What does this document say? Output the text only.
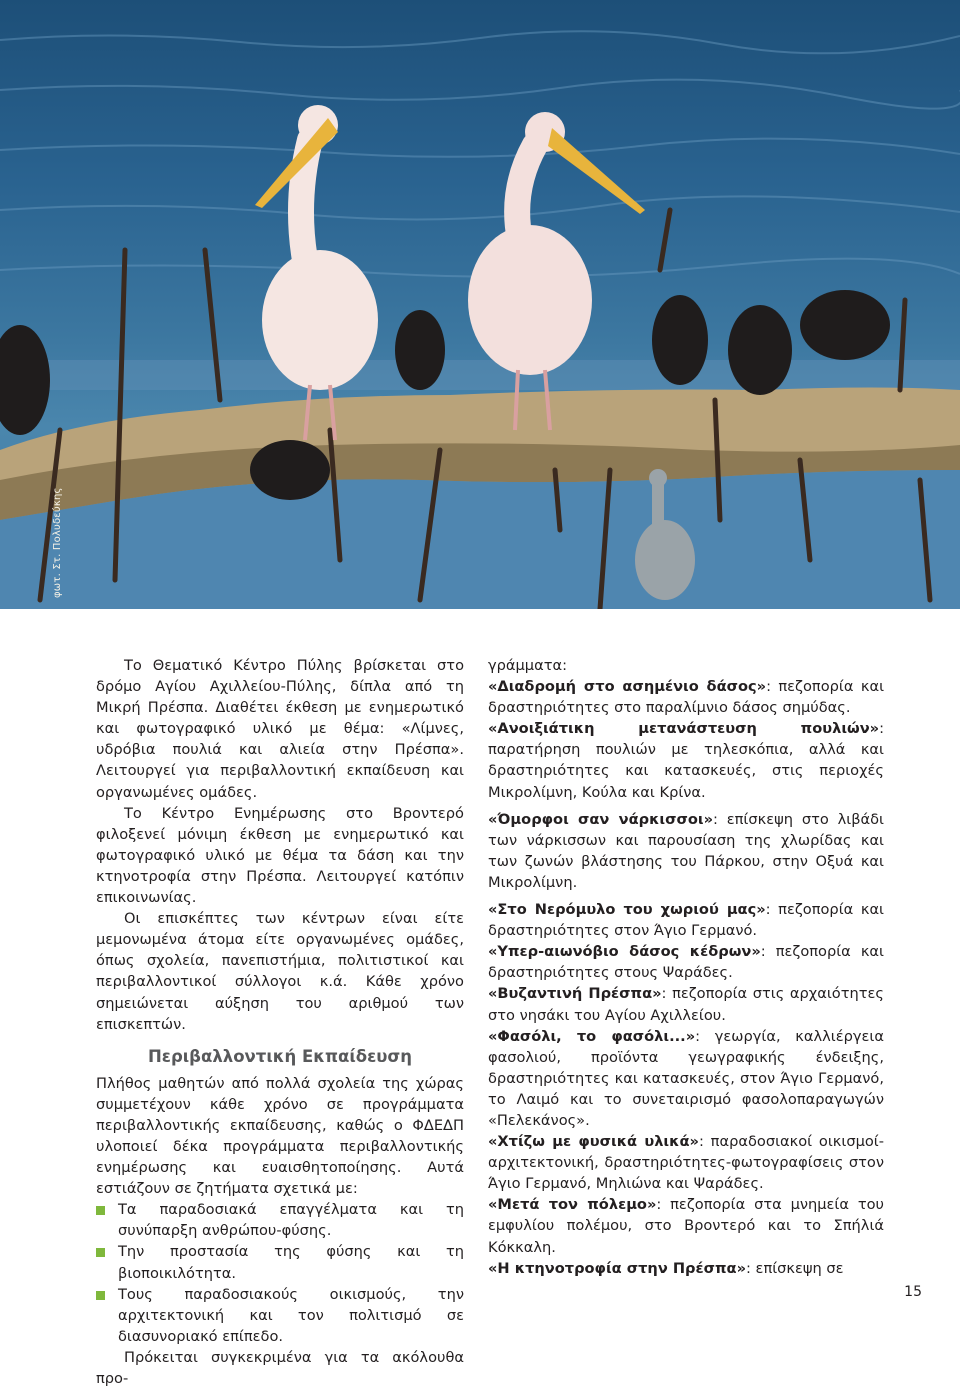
φωτ. Στ. Πολυδεύκης

Το Θεματικό Κέντρο Πύλης βρίσκεται στο δρόμο Αγίου Αχιλλείου-Πύλης, δίπλα από τη Μικρή Πρέσπα. Διαθέτει έκθεση με ενημερωτικό και φωτογραφικό υλικό με θέμα: «Λίμνες, υδρόβια πουλιά και αλιεία στην Πρέσπα». Λειτουργεί για περιβαλλοντική εκπαίδευση και οργανωμένες ομάδες.

Το Κέντρο Ενημέρωσης στο Βροντερό φιλοξενεί μόνιμη έκθεση με ενημερωτικό και φωτογραφικό υλικό με θέμα τα δάση και την κτηνοτροφία στην Πρέσπα. Λειτουργεί κατόπιν επικοινωνίας.

Οι επισκέπτες των κέντρων είναι είτε μεμονωμένα άτομα είτε οργανωμένες ομάδες, όπως σχολεία, πανεπιστήμια, πολιτιστικοί και περιβαλλοντικοί σύλλογοι κ.ά. Κάθε χρόνο σημειώνεται αύξηση του αριθμού των επισκεπτών.

Περιβαλλοντική Εκπαίδευση

Πλήθος μαθητών από πολλά σχολεία της χώρας συμμετέχουν κάθε χρόνο σε προγράμματα περιβαλλοντικής εκπαίδευσης, καθώς ο ΦΔΕΔΠ υλοποιεί δέκα προγράμματα περιβαλλοντικής ενημέρωσης και ευαισθητοποίησης. Αυτά εστιάζουν σε ζητήματα σχετικά με:

Τα παραδοσιακά επαγγέλματα και τη συνύπαρξη ανθρώπου-φύσης.
Την προστασία της φύσης και τη βιοποικιλότητα.
Τους παραδοσιακούς οικισμούς, την αρχιτεκτονική και τον πολιτισμό σε διασυνοριακό επίπεδο.

Πρόκειται συγκεκριμένα για τα ακόλουθα προ-

γράμματα:

«Διαδρομή στο ασημένιο δάσος»: πεζοπορία και δραστηριότητες στο παραλίμνιο δάσος σημύδας.

«Ανοιξιάτικη μετανάστευση πουλιών»: παρατήρηση πουλιών με τηλεσκόπια, αλλά και δραστηριότητες και κατασκευές, στις περιοχές Μικρολίμνη, Κούλα και Κρίνα.

«Όμορφοι σαν νάρκισσοι»: επίσκεψη στο λιβάδι των νάρκισσων και παρουσίαση της χλωρίδας και των ζωνών βλάστησης του Πάρκου, στην Οξυά και Μικρολίμνη.

«Στο Νερόμυλο του χωριού μας»: πεζοπορία και δραστηριότητες στον Άγιο Γερμανό.

«Υπερ-αιωνόβιο δάσος κέδρων»: πεζοπορία και δραστηριότητες στους Ψαράδες.

«Βυζαντινή Πρέσπα»: πεζοπορία στις αρχαιότητες στο νησάκι του Αγίου Αχιλλείου.

«Φασόλι, το φασόλι...»: γεωργία, καλλιέργεια φασολιού, προϊόντα γεωγραφικής ένδειξης, δραστηριότητες και κατασκευές, στον Άγιο Γερμανό, το Λαιμό και το συνεταιρισμό φασολοπαραγωγών «Πελεκάνος».

«Χτίζω με φυσικά υλικά»: παραδοσιακοί οικισμοί-αρχιτεκτονική, δραστηριότητες-φωτογραφίσεις στον Άγιο Γερμανό, Μηλιώνα και Ψαράδες.

«Μετά τον πόλεμο»: πεζοπορία στα μνημεία του εμφυλίου πολέμου, στο Βροντερό και το Σπήλιά Κόκκαλη.

«Η κτηνοτροφία στην Πρέσπα»: επίσκεψη σε

15
